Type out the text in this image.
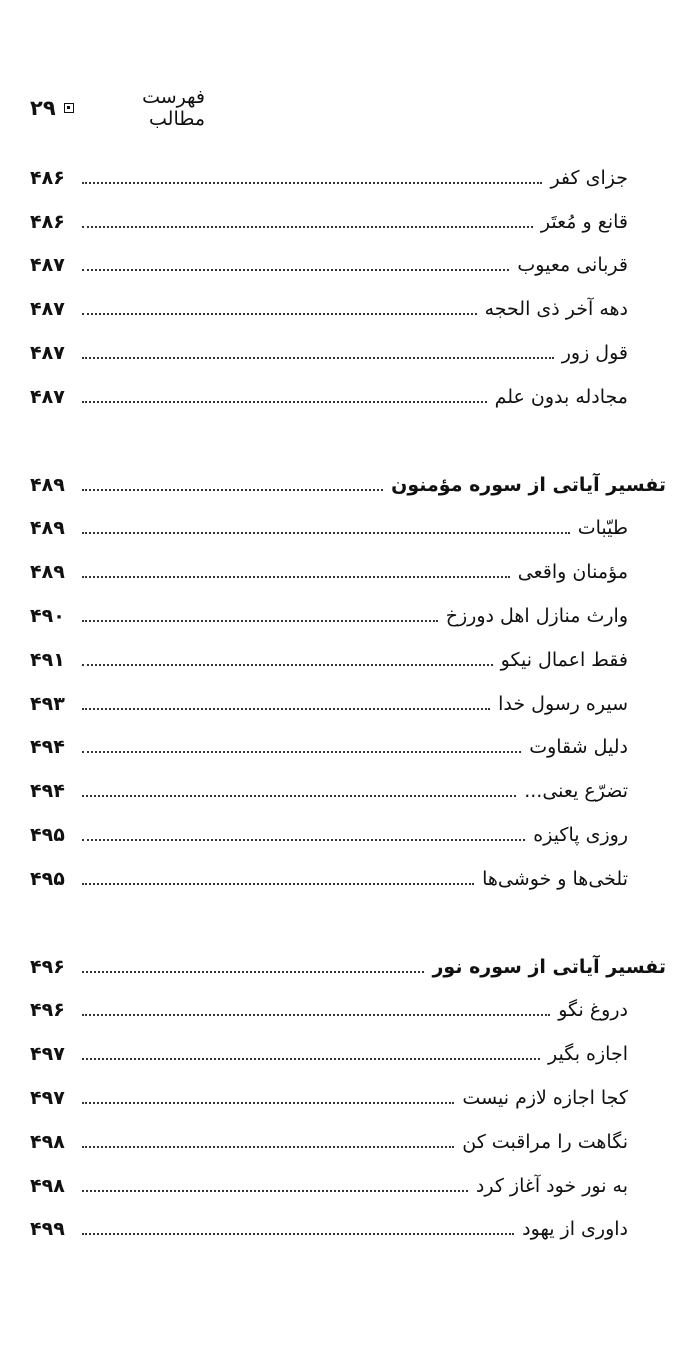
فهرست مطالب
۲۹
جزای کفر
۴۸۶
قانع و مُعتَر
۴۸۶
قربانی معیوب
۴۸۷
دهه آخر ذی الحجه
۴۸۷
قول زور
۴۸۷
مجادله بدون علم
۴۸۷
تفسیر آیاتی از سوره مؤمنون
۴۸۹
طیّبات
۴۸۹
مؤمنان واقعی
۴۸۹
وارث منازل اهل دورزخ
۴۹۰
فقط اعمال نیکو
۴۹۱
سیره رسول خدا
۴۹۳
دلیل شقاوت
۴۹۴
تضرّع یعنی...
۴۹۴
روزی پاکیزه
۴۹۵
تلخی‌ها و خوشی‌ها
۴۹۵
تفسیر آیاتی از سوره نور
۴۹۶
دروغ نگو
۴۹۶
اجازه بگیر
۴۹۷
کجا اجازه لازم نیست
۴۹۷
نگاهت را مراقبت کن
۴۹۸
به نور خود آغاز کرد
۴۹۸
داوری از یهود
۴۹۹
